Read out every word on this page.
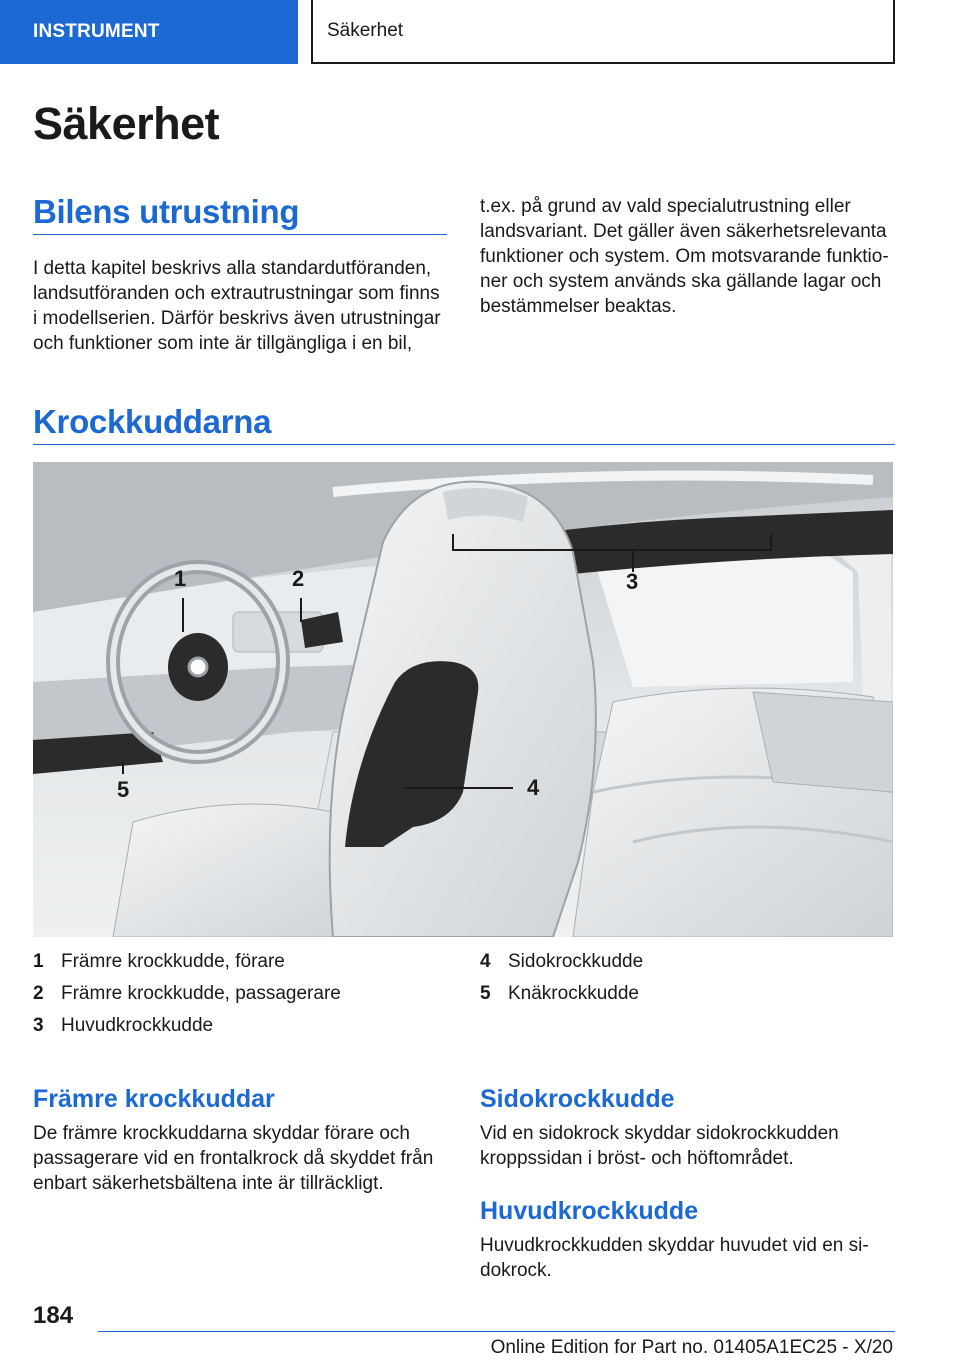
INSTRUMENT	Säkerhet
Säkerhet
Bilens utrustning

I detta kapitel beskrivs alla standardutföranden, landsutföranden och extrautrustningar som finns i modellserien. Därför beskrivs även utrustningar och funktioner som inte är tillgängliga i en bil,

t.ex. på grund av vald specialutrustning eller landsvariant. Det gäller även säkerhetsrelevanta funktioner och system. Om motsvarande funktioner och system används ska gällande lagar och bestämmelser beaktas.

Krockkuddarna
1	2	3
4
5
1 Främre krockkudde, förare
2 Främre krockkudde, passagerare
3 Huvudkrockkudde
4 Sidokrockkudde
5 Knäkrockkudde
Främre krockkuddar

De främre krockkuddarna skyddar förare och passagerare vid en frontalkrock då skyddet från enbart säkerhetsbältena inte är tillräckligt.

Sidokrockkudde

Vid en sidokrock skyddar sidokrockkudden kroppssidan i bröst- och höftområdet.

Huvudkrockkudde

Huvudkrockkudden skyddar huvudet vid en sidokrock.

184
Online Edition for Part no. 01405A1EC25 - X/20
